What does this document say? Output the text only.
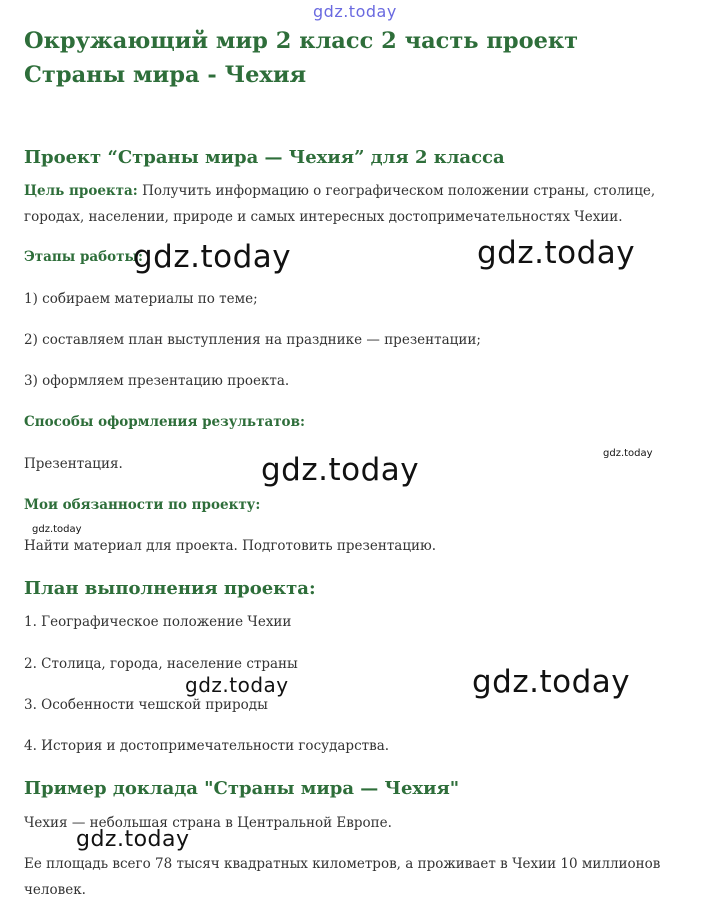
gdz.today
Окружающий мир 2 класс 2 часть проект Страны мира - Чехия
Проект “Страны мира — Чехия” для 2 класса
Цель проекта: Получить информацию о географическом положении страны, столице, городах, населении, природе и самых интересных достопримечательностях Чехии.
Этапы работы:
1) собираем материалы по теме;
2) составляем план выступления на празднике — презентации;
3) оформляем презентацию проекта.
Способы оформления результатов:
Презентация.
Мои обязанности по проекту:
Найти материал для проекта. Подготовить презентацию.
План выполнения проекта:
1. Географическое положение Чехии
2. Столица, города, население страны
3. Особенности чешской природы
4. История и достопримечательности государства.
Пример доклада "Страны мира — Чехия"
Чехия — небольшая страна в Центральной Европе.
Ее площадь всего 78 тысяч квадратных километров, а проживает в Чехии 10 миллионов человек.
gdz.today	gdz.today
gdz.today
gdz.today
gdz.today
gdz.today	gdz.today
gdz.today
